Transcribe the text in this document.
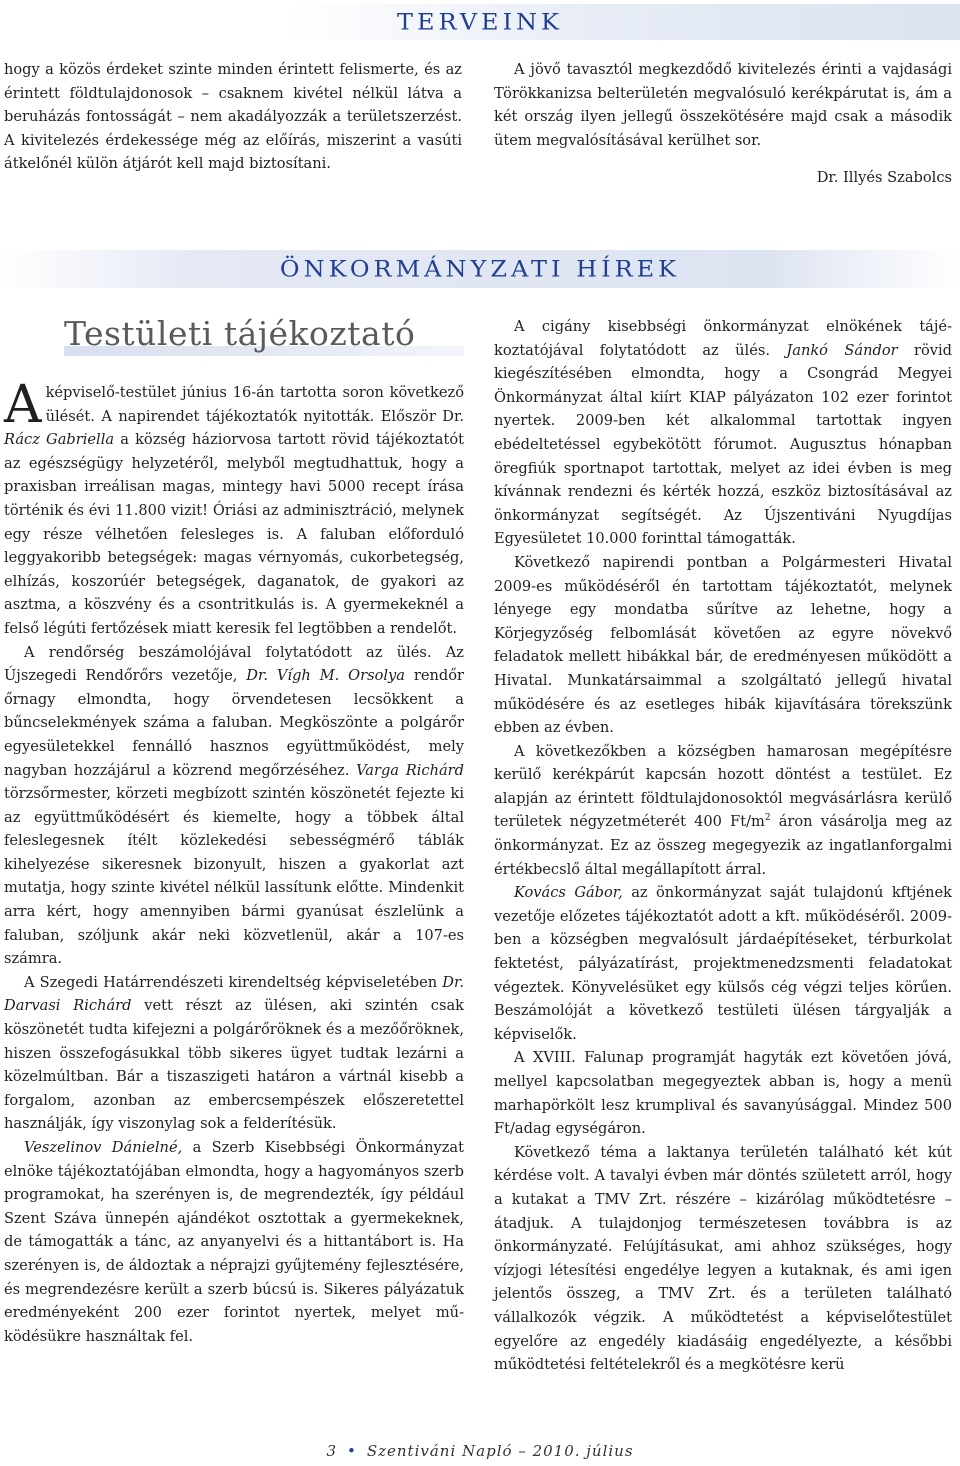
TERVEINK

hogy a közös érdeket szinte minden érintett felismerte, és az érintett földtulajdonosok – csaknem kivétel nélkül látva a beruházás fontosságát – nem akadályozzák a területszerzést. A kivitelezés érdekessége még az előírás, miszerint a vasúti átkelőnél külön átjárót kell majd biztosítani.

A jövő tavasztól megkezdődő kivitelezés érinti a vajdasági Törökkanizsa belterületén megvalósuló kerékpárutat is, ám a két ország ilyen jellegű összekötésére majd csak a második ütem megvalósításával kerülhet sor.

Dr. Illyés Szabolcs

ÖNKORMÁNYZATI HÍREK
Testületi tájékoztató

Aképviselő-testület június 16-án tartotta soron következő ülését. A napirendet tájékoztatók nyitották. Először Dr. Rácz Gabriella a község háziorvosa tartott rövid tájékoztatót az egészségügy helyzetéről, melyből megtudhattuk, hogy a praxisban irreálisan magas, mintegy havi 5000 recept írása történik és évi 11.800 vizit! Óriási az adminisztráció, melynek egy része vélhetően felesleges is. A faluban előforduló leggyakoribb betegségek: magas vérnyomás, cukorbetegség, elhízás, koszorúér betegségek, daganatok, de gyakori az asztma, a köszvény és a csontritkulás is. A gyermekeknél a felső légúti fertőzések miatt keresik fel legtöbben a rendelőt.

A rendőrség beszámolójával folytatódott az ülés. Az Újszegedi Rendőrőrs vezetője, Dr. Vígh M. Orsolya rendőr őrnagy elmondta, hogy örvendetesen lecsökkent a bűncselekmények száma a faluban. Megköszönte a polgárőr egyesületekkel fennálló hasznos együttműködést, mely nagyban hozzájárul a közrend megőrzéséhez. Varga Richárd törzsőrmester, körzeti megbízott szintén köszönetét fejezte ki az együttműködésért és kiemelte, hogy a többek által feleslegesnek ítélt közlekedési sebességmérő táblák kihelyezése sikeresnek bizonyult, hiszen a gyakorlat azt mutatja, hogy szinte kivétel nélkül lassítunk előtte. Mindenkit arra kért, hogy amennyiben bármi gyanúsat észlelünk a faluban, szóljunk akár neki közvetlenül, akár a 107-es számra.

A Szegedi Határrendészeti kirendeltség képviseletében Dr. Darvasi Richárd vett részt az ülésen, aki szintén csak köszönetét tudta kifejezni a polgárőröknek és a mezőőröknek, hiszen összefogásukkal több sikeres ügyet tudtak lezárni a közelmúltban. Bár a tiszaszigeti határon a vártnál kisebb a forgalom, azonban az embercsempészek előszeretettel használják, így viszonylag sok a felderítésük.

Veszelinov Dánielné, a Szerb Kisebbségi Önkormányzat elnöke tájékoztatójában elmondta, hogy a hagyományos szerb programokat, ha szerényen is, de megrendezték, így például Szent Száva ünnepén ajándékot osztottak a gyermekeknek, de támogatták a tánc, az anyanyelvi és a hittantábort is. Ha szerényen is, de áldoztak a néprajzi gyűjtemény fejlesztésére, és megrendezésre került a szerb búcsú is. Sikeres pályázatuk eredményeként 200 ezer forintot nyertek, melyet működésükre használtak fel.

A cigány kisebbségi önkormányzat elnökének tájékoztatójával folytatódott az ülés. Jankó Sándor rövid kiegészítésében elmondta, hogy a Csongrád Megyei Önkormányzat által kiírt KIAP pályázaton 102 ezer forintot nyertek. 2009-ben két alkalommal tartottak ingyen ebédeltetéssel egybekötött fórumot. Augusztus hónapban öregfiúk sportnapot tartottak, melyet az idei évben is meg kívánnak rendezni és kérték hozzá, eszköz biztosításával az önkormányzat segítségét. Az Újszentiváni Nyugdíjas Egyesületet 10.000 forinttal támogatták.

Következő napirendi pontban a Polgármesteri Hivatal 2009-es működéséről én tartottam tájékoztatót, melynek lényege egy mondatba sűrítve az lehetne, hogy a Körjegyzőség felbomlását követően az egyre növekvő feladatok mellett hibákkal bár, de eredményesen működött a Hivatal. Munkatársaimmal a szolgáltató jellegű hivatal működésére és az esetleges hibák kijavítására törekszünk ebben az évben.

A következőkben a községben hamarosan megépítésre kerülő kerékpárút kapcsán hozott döntést a testület. Ez alapján az érintett földtulajdonosoktól megvásárlásra kerülő területek négyzetméterét 400 $Ft/m^2$ áron vásárolja meg az önkormányzat. Ez az összeg megegyezik az ingatlanforgalmi értékbecslő által megállapított árral.

Kovács Gábor, az önkormányzat saját tulajdonú kftjének vezetője előzetes tájékoztatót adott a kft. működéséről. 2009-ben a községben megvalósult járdaépítéseket, térburkolat fektetést, pályázatírást, projektmenedzsmenti feladatokat végeztek. Könyvelésüket egy külsős cég végzi teljes körűen. Beszámolóját a következő testületi ülésen tárgyalják a képviselők.

A XVIII. Falunap programját hagyták ezt követően jóvá, mellyel kapcsolatban megegyeztek abban is, hogy a menü marhapörkölt lesz krumplival és savanyúsággal. Mindez 500 Ft/adag egységáron.

Következő téma a laktanya területén található két kút kérdése volt. A tavalyi évben már döntés született arról, hogy a kutakat a TMV Zrt. részére – kizárólag működtetésre – átadjuk. A tulajdonjog természetesen továbbra is az önkormányzaté. Felújításukat, ami ahhoz szükséges, hogy vízjogi létesítési engedélye legyen a kutaknak, és ami igen jelentős összeg, a TMV Zrt. és a területen található vállalkozók végzik. A működtetést a képviselőtestület egyelőre az engedély kiadásáig engedélyezte, a későbbi működtetési feltételekről és a megkötésre kerü

3 • Szentiváni Napló – 2010. július
